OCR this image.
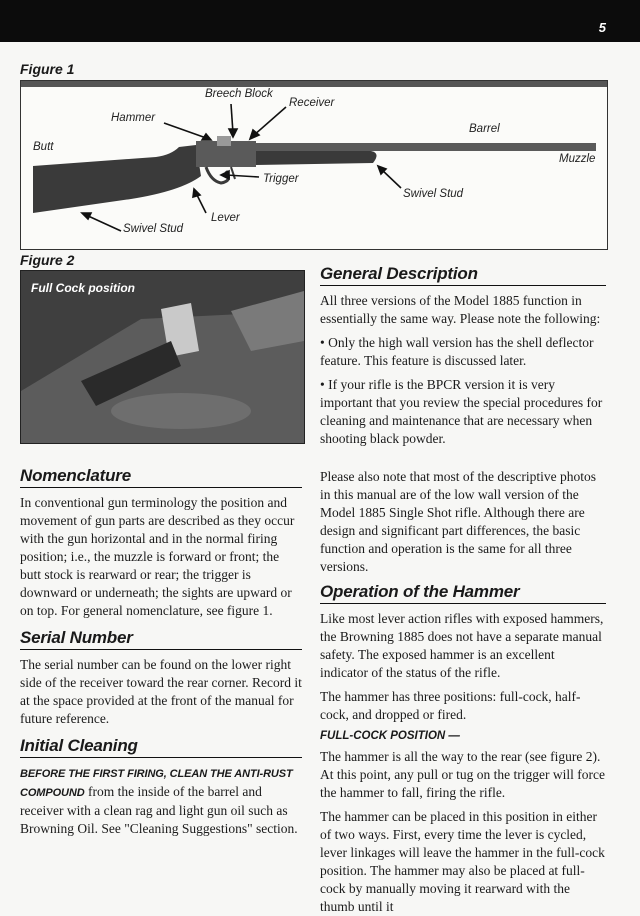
5
Figure 1
Breech Block
Receiver
Hammer
Barrel
Butt
Muzzle
Trigger
Swivel Stud
Lever
Swivel Stud
Figure 2
Full Cock position
General Description

All three versions of the Model 1885 function in essentially the same way. Please note the following:

• Only the high wall version has the shell deflector feature. This feature is discussed later.

• If your rifle is the BPCR version it is very important that you review the special procedures for cleaning and maintenance that are necessary when shooting black powder.

Nomenclature

In conventional gun terminology the position and movement of gun parts are described as they occur with the gun horizontal and in the normal firing position; i.e., the muzzle is forward or front; the butt stock is rearward or rear; the trigger is downward or underneath; the sights are upward or on top. For general nomenclature, see figure 1.

Serial Number

The serial number can be found on the lower right side of the receiver toward the rear corner. Record it at the space provided at the front of the manual for future reference.

Initial Cleaning

BEFORE THE FIRST FIRING, CLEAN THE ANTI-RUST COMPOUND from the inside of the barrel and receiver with a clean rag and light gun oil such as Browning Oil. See "Cleaning Suggestions" section.

Please also note that most of the descriptive photos in this manual are of the low wall version of the Model 1885 Single Shot rifle. Although there are design and significant part differences, the basic function and operation is the same for all three versions.

Operation of the Hammer

Like most lever action rifles with exposed hammers, the Browning 1885 does not have a separate manual safety. The exposed hammer is an excellent indicator of the status of the rifle.

The hammer has three positions: full-cock, half-cock, and dropped or fired.

FULL-COCK POSITION —

The hammer is all the way to the rear (see figure 2). At this point, any pull or tug on the trigger will force the hammer to fall, firing the rifle.

The hammer can be placed in this position in either of two ways. First, every time the lever is cycled, lever linkages will leave the hammer in the full-cock position. The hammer may also be placed at full-cock by manually moving it rearward with the thumb until it
